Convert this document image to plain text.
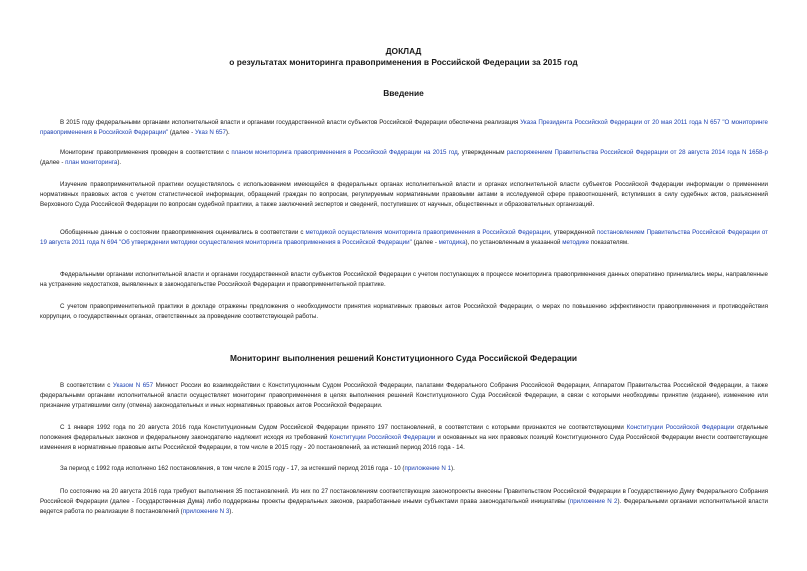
ДОКЛАД

о результатах мониторинга правоприменения в Российской Федерации за 2015 год

Введение

В 2015 году федеральными органами исполнительной власти и органами государственной власти субъектов Российской Федерации обеспечена реализация Указа Президента Российской Федерации от 20 мая 2011 года N 657 "О мониторинге правоприменения в Российской Федерации" (далее - Указ N 657).

Мониторинг правоприменения проведен в соответствии с планом мониторинга правоприменения в Российской Федерации на 2015 год, утвержденным распоряжением Правительства Российской Федерации от 28 августа 2014 года N 1658-р (далее - план мониторинга).

Изучение правоприменительной практики осуществлялось с использованием имеющейся в федеральных органах исполнительной власти и органах исполнительной власти субъектов Российской Федерации информации о применении нормативных правовых актов с учетом статистической информации, обращений граждан по вопросам, регулируемым нормативными правовыми актами в исследуемой сфере правоотношений, вступивших в силу судебных актов, разъяснений Верховного Суда Российской Федерации по вопросам судебной практики, а также заключений экспертов и сведений, поступивших от научных, общественных и образовательных организаций.

Обобщенные данные о состоянии правоприменения оценивались в соответствии с методикой осуществления мониторинга правоприменения в Российской Федерации, утвержденной постановлением Правительства Российской Федерации от 19 августа 2011 года N 694 "Об утверждении методики осуществления мониторинга правоприменения в Российской Федерации" (далее - методика), по установленным в указанной методике показателям.

Федеральными органами исполнительной власти и органами государственной власти субъектов Российской Федерации с учетом поступающих в процессе мониторинга правоприменения данных оперативно принимались меры, направленные на устранение недостатков, выявленных в законодательстве Российской Федерации и правоприменительной практике.

С учетом правоприменительной практики в докладе отражены предложения о необходимости принятия нормативных правовых актов Российской Федерации, о мерах по повышению эффективности правоприменения и противодействия коррупции, о государственных органах, ответственных за проведение соответствующей работы.

Мониторинг выполнения решений Конституционного Суда Российской Федерации

В соответствии с Указом N 657 Минюст России во взаимодействии с Конституционным Судом Российской Федерации, палатами Федерального Собрания Российской Федерации, Аппаратом Правительства Российской Федерации, а также федеральными органами исполнительной власти осуществляет мониторинг правоприменения в целях выполнения решений Конституционного Суда Российской Федерации, в связи с которыми необходимы принятие (издание), изменение или признание утратившими силу (отмена) законодательных и иных нормативных правовых актов Российской Федерации.

С 1 января 1992 года по 20 августа 2016 года Конституционным Судом Российской Федерации принято 197 постановлений, в соответствии с которыми признаются не соответствующими Конституции Российской Федерации отдельные положения федеральных законов и федеральному законодателю надлежит исходя из требований Конституции Российской Федерации и основанных на них правовых позиций Конституционного Суда Российской Федерации внести соответствующие изменения в нормативные правовые акты Российской Федерации, в том числе в 2015 году - 20 постановлений, за истекший период 2016 года - 14.

За период с 1992 года исполнено 162 постановления, в том числе в 2015 году - 17, за истекший период 2016 года - 10 (приложение N 1).

По состоянию на 20 августа 2016 года требуют выполнения 35 постановлений. Из них по 27 постановлениям соответствующие законопроекты внесены Правительством Российской Федерации в Государственную Думу Федерального Собрания Российской Федерации (далее - Государственная Дума) либо поддержаны проекты федеральных законов, разработанные иными субъектами права законодательной инициативы (приложение N 2). Федеральными органами исполнительной власти ведется работа по реализации 8 постановлений (приложение N 3).
